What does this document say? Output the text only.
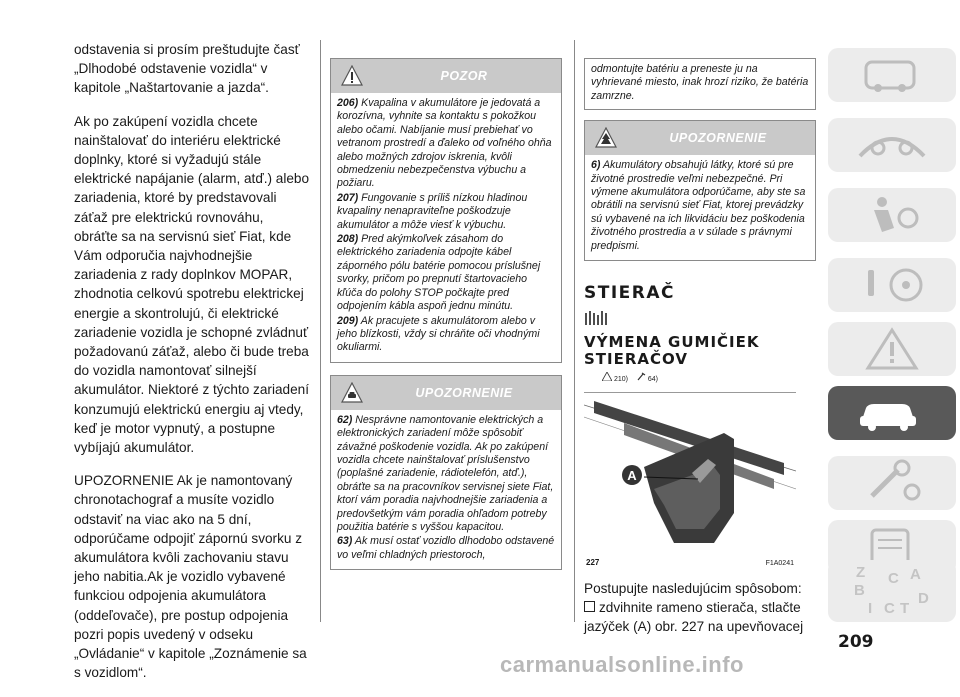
odstavenia si prosím preštudujte časť „Dlhodobé odstavenie vozidla“ v kapitole „Naštartovanie a jazda“.

Ak po zakúpení vozidla chcete nainštalovať do interiéru elektrické doplnky, ktoré si vyžadujú stále elektrické napájanie (alarm, atď.) alebo zariadenia, ktoré by predstavovali záťaž pre elektrickú rovnováhu, obráťte sa na servisnú sieť Fiat, kde Vám odporučia najvhodnejšie zariadenia z rady doplnkov MOPAR, zhodnotia celkovú spotrebu elektrickej energie a skontrolujú, či elektrické zariadenie vozidla je schopné zvládnuť požadovanú záťaž, alebo či bude treba do vozidla namontovať silnejší akumulátor. Niektoré z týchto zariadení konzumujú elektrickú energiu aj vtedy, keď je motor vypnutý, a postupne vybíjajú akumulátor.

UPOZORNENIE Ak je namontovaný chronotachograf a musíte vozidlo odstaviť na viac ako na 5 dní, odporúčame odpojiť zápornú svorku z akumulátora kvôli zachovaniu stavu jeho nabitia.Ak je vozidlo vybavené funkciou odpojenia akumulátora (oddeľovače), pre postup odpojenia pozri popis uvedený v odseku „Ovládanie“ v kapitole „Zoznámenie sa s vozidlom“.

POZOR

206) Kvapalina v akumulátore je jedovatá a korozívna, vyhnite sa kontaktu s pokožkou alebo očami. Nabíjanie musí prebiehať vo vetranom prostredí a ďaleko od voľného ohňa alebo možných zdrojov iskrenia, kvôli obmedzeniu nebezpečenstva výbuchu a požiaru.

207) Fungovanie s príliš nízkou hladinou kvapaliny nenapraviteľne poškodzuje akumulátor a môže viesť k výbuchu.

208) Pred akýmkoľvek zásahom do elektrického zariadenia odpojte kábel záporného pólu batérie pomocou príslušnej svorky, pričom po prepnutí štartovacieho kľúča do polohy STOP počkajte pred odpojením kábla aspoň jednu minútu.

209) Ak pracujete s akumulátorom alebo v jeho blízkosti, vždy si chráňte oči vhodnými okuliarmi.

UPOZORNENIE

62) Nesprávne namontovanie elektrických a elektronických zariadení môže spôsobiť závažné poškodenie vozidla. Ak po zakúpení vozidla chcete nainštalovať príslušenstvo (poplašné zariadenie, rádiotelefón, atď.), obráťte sa na pracovníkov servisnej siete Fiat, ktorí vám poradia najvhodnejšie zariadenia a predovšetkým vám poradia ohľadom potreby použitia batérie s vyššou kapacitou.

63) Ak musí ostať vozidlo dlhodobo odstavené vo veľmi chladných priestoroch,

odmontujte batériu a preneste ju na vyhrievané miesto, inak hrozí riziko, že batéria zamrzne.
UPOZORNENIE

6) Akumulátory obsahujú látky, ktoré sú pre životné prostredie veľmi nebezpečné. Pri výmene akumulátora odporúčame, aby ste sa obrátili na servisnú sieť Fiat, ktorej prevádzky sú vybavené na ich likvidáciu bez poškodenia životného prostredia a v súlade s právnymi predpismi.

STIERAČ
VÝMENA GUMIČIEK
STIERAČOV
210)	64)
A
227	F1A0241
Postupujte nasledujúcim spôsobom:
zdvihnite rameno stierača, stlačte jazýček (A) obr. 227 na upevňovacej
209
Z
B
C A
I C T
D
carmanualsonline.info
